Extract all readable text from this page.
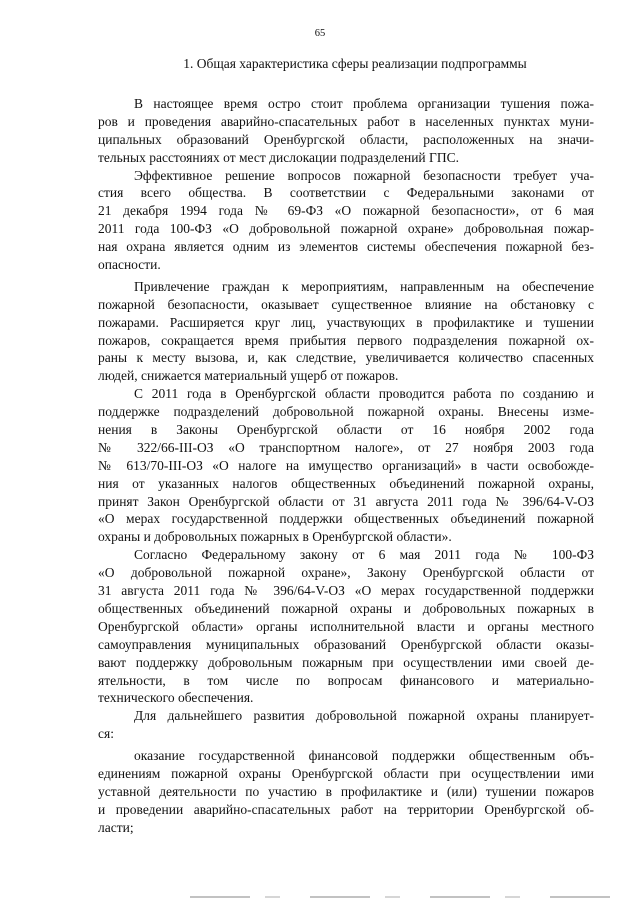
65
1. Общая характеристика сферы реализации подпрограммы
В настоящее время остро стоит проблема организации тушения пожа-
ров и проведения аварийно-спасательных работ в населенных пунктах муни-
ципальных образований Оренбургской области, расположенных на значи-
тельных расстояниях от мест дислокации подразделений ГПС.
Эффективное решение вопросов пожарной безопасности требует уча-
стия всего общества. В соответствии с Федеральными законами от
21 декабря 1994 года № 69-ФЗ «О пожарной безопасности», от 6 мая
2011 года 100-ФЗ «О добровольной пожарной охране» добровольная пожар-
ная охрана является одним из элементов системы обеспечения пожарной без-
опасности.
Привлечение граждан к мероприятиям, направленным на обеспечение
пожарной безопасности, оказывает существенное влияние на обстановку с
пожарами. Расширяется круг лиц, участвующих в профилактике и тушении
пожаров, сокращается время прибытия первого подразделения пожарной ох-
раны к месту вызова, и, как следствие, увеличивается количество спасенных
людей, снижается материальный ущерб от пожаров.
С 2011 года в Оренбургской области проводится работа по созданию и
поддержке подразделений добровольной пожарной охраны. Внесены изме-
нения в Законы Оренбургской области от 16 ноября 2002 года
№ 322/66-III-ОЗ «О транспортном налоге», от 27 ноября 2003 года
№ 613/70-III-ОЗ «О налоге на имущество организаций» в части освобожде-
ния от указанных налогов общественных объединений пожарной охраны,
принят Закон Оренбургской области от 31 августа 2011 года № 396/64-V-ОЗ
«О мерах государственной поддержки общественных объединений пожарной
охраны и добровольных пожарных в Оренбургской области».
Согласно Федеральному закону от 6 мая 2011 года № 100-ФЗ
«О добровольной пожарной охране», Закону Оренбургской области от
31 августа 2011 года № 396/64-V-ОЗ «О мерах государственной поддержки
общественных объединений пожарной охраны и добровольных пожарных в
Оренбургской области» органы исполнительной власти и органы местного
самоуправления муниципальных образований Оренбургской области оказы-
вают поддержку добровольным пожарным при осуществлении ими своей де-
ятельности, в том числе по вопросам финансового и материально-
технического обеспечения.
Для дальнейшего развития добровольной пожарной охраны планирует-
ся:
оказание государственной финансовой поддержки общественным объ-
единениям пожарной охраны Оренбургской области при осуществлении ими
уставной деятельности по участию в профилактике и (или) тушении пожаров
и проведении аварийно-спасательных работ на территории Оренбургской об-
ласти;
